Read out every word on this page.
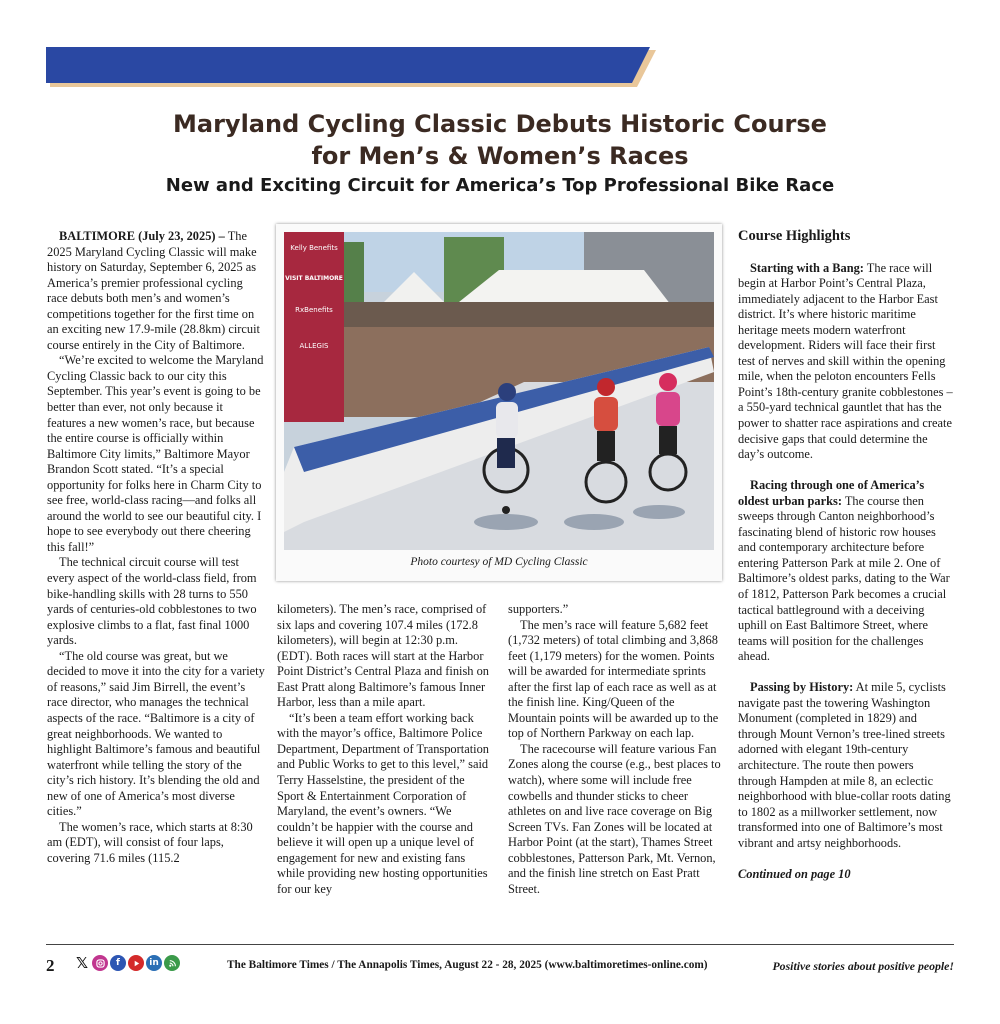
Maryland Cycling Classic Debuts Historic Course
for Men’s & Women’s Races
New and Exciting Circuit for America’s Top Professional Bike Race

BALTIMORE (July 23, 2025) – The 2025 Maryland Cycling Classic will make history on Saturday, September 6, 2025 as America’s premier professional cycling race debuts both men’s and women’s competitions together for the first time on an exciting new 17.9-mile (28.8km) circuit course entirely in the City of Baltimore.

“We’re excited to welcome the Maryland Cycling Classic back to our city this September. This year’s event is going to be better than ever, not only because it features a new women’s race, but because the entire course is officially within Baltimore City limits,” Baltimore Mayor Brandon Scott stated. “It’s a special opportunity for folks here in Charm City to see free, world-class racing—and folks all around the world to see our beautiful city. I hope to see everybody out there cheering this fall!”

The technical circuit course will test every aspect of the world-class field, from bike-handling skills with 28 turns to 550 yards of centuries-old cobblestones to two explosive climbs to a flat, fast final 1000 yards.

“The old course was great, but we decided to move it into the city for a variety of reasons,” said Jim Birrell, the event’s race director, who manages the technical aspects of the race. “Baltimore is a city of great neighborhoods. We wanted to highlight Baltimore’s famous and beautiful waterfront while telling the story of the city’s rich history. It’s blending the old and new of one of America’s most diverse cities.”

The women’s race, which starts at 8:30 am (EDT), will consist of four laps, covering 71.6 miles (115.2

Kelly Benefits
VISIT BALTIMORE
RxBenefits
ALLEGIS
Photo courtesy of MD Cycling Classic

kilometers). The men’s race, comprised of six laps and covering 107.4 miles (172.8 kilometers), will begin at 12:30 p.m. (EDT). Both races will start at the Harbor Point District’s Central Plaza and finish on East Pratt along Baltimore’s famous Inner Harbor, less than a mile apart.

“It’s been a team effort working back with the mayor’s office, Baltimore Police Department, Department of Transportation and Public Works to get to this level,” said Terry Hasselstine, the president of the Sport & Entertainment Corporation of Maryland, the event’s owners. “We couldn’t be happier with the course and believe it will open up a unique level of engagement for new and existing fans while providing new hosting opportunities for our key

supporters.”

The men’s race will feature 5,682 feet (1,732 meters) of total climbing and 3,868 feet (1,179 meters) for the women. Points will be awarded for intermediate sprints after the first lap of each race as well as at the finish line. King/Queen of the Mountain points will be awarded up to the top of Northern Parkway on each lap.

The racecourse will feature various Fan Zones along the course (e.g., best places to watch), where some will include free cowbells and thunder sticks to cheer athletes on and live race coverage on Big Screen TVs. Fan Zones will be located at Harbor Point (at the start), Thames Street cobblestones, Patterson Park, Mt. Vernon, and the finish line stretch on East Pratt Street.

Course Highlights

Starting with a Bang: The race will begin at Harbor Point’s Central Plaza, immediately adjacent to the Harbor East district. It’s where historic maritime heritage meets modern waterfront development. Riders will face their first test of nerves and skill within the opening mile, when the peloton encounters Fells Point’s 18th-century granite cobblestones – a 550-yard technical gauntlet that has the power to shatter race aspirations and create decisive gaps that could determine the day’s outcome.

Racing through one of America’s oldest urban parks: The course then sweeps through Canton neighborhood’s fascinating blend of historic row houses and contemporary architecture before entering Patterson Park at mile 2. One of Baltimore’s oldest parks, dating to the War of 1812, Patterson Park becomes a crucial tactical battleground with a deceiving uphill on East Baltimore Street, where teams will position for the challenges ahead.

Passing by History: At mile 5, cyclists navigate past the towering Washington Monument (completed in 1829) and through Mount Vernon’s tree-lined streets adorned with elegant 19th-century architecture. The route then powers through Hampden at mile 8, an eclectic neighborhood with blue-collar roots dating to 1802 as a millworker settlement, now transformed into one of Baltimore’s most vibrant and artsy neighborhoods.

Continued on page 10

2 𝕏	f	in	The Baltimore Times / The Annapolis Times, August 22 - 28, 2025 (www.baltimoretimes-online.com)	Positive stories about positive people!
